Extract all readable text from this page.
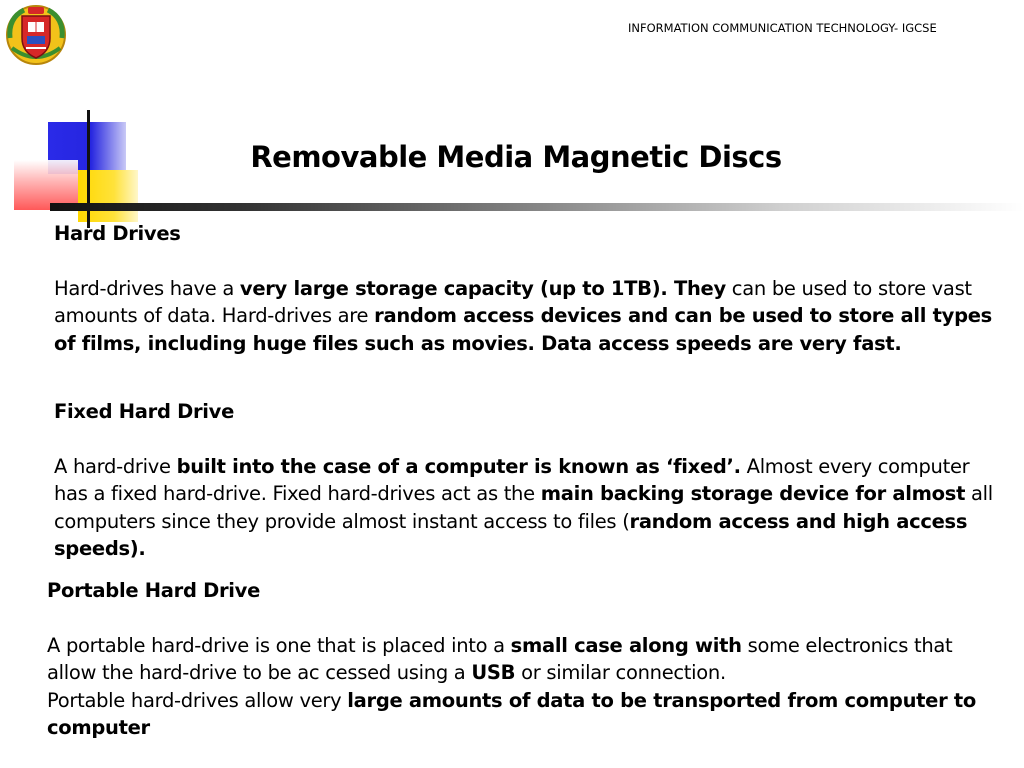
INFORMATION COMMUNICATION TECHNOLOGY- IGCSE
Removable Media Magnetic Discs

Hard Drives

Hard-drives have a very large storage capacity (up to 1TB). They can be used to store vast amounts of data. Hard-drives are random access devices and can be used to store all types of films, including huge files such as movies. Data access speeds are very fast.

Fixed Hard Drive

A hard-drive built into the case of a computer is known as ‘fixed’. Almost every computer has a fixed hard-drive. Fixed hard-drives act as the main backing storage device for almost all computers since they provide almost instant access to files (random access and high access speeds).

Portable Hard Drive

A portable hard-drive is one that is placed into a small case along with some electronics that allow the hard-drive to be ac cessed using a USB or similar connection.

Portable hard-drives allow very large amounts of data to be transported from computer to computer
